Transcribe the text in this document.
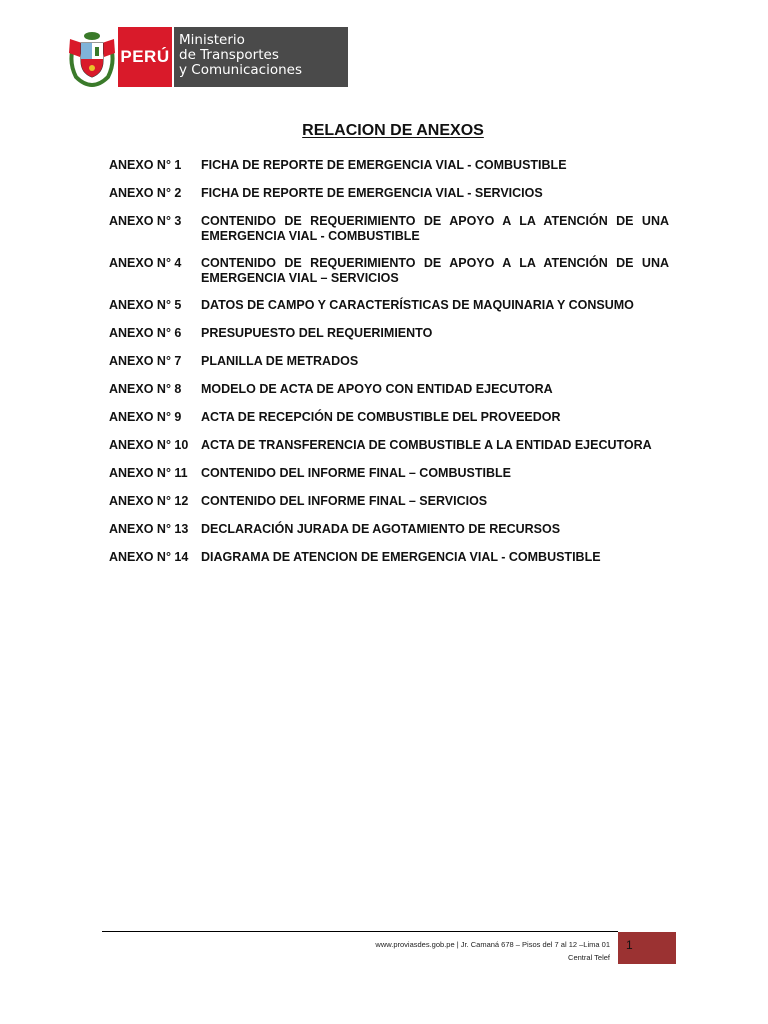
PERÚ
Ministerio
de Transportes
y Comunicaciones
RELACION DE ANEXOS
ANEXO N° 1	FICHA DE REPORTE DE EMERGENCIA VIAL - COMBUSTIBLE
ANEXO N° 2	FICHA DE REPORTE DE EMERGENCIA VIAL - SERVICIOS
ANEXO N° 3	CONTENIDO DE REQUERIMIENTO DE APOYO A LA ATENCIÓN DE UNA EMERGENCIA VIAL - COMBUSTIBLE
ANEXO N° 4	CONTENIDO DE REQUERIMIENTO DE APOYO A LA ATENCIÓN DE UNA EMERGENCIA VIAL – SERVICIOS
ANEXO N° 5	DATOS DE CAMPO Y CARACTERÍSTICAS DE MAQUINARIA Y CONSUMO
ANEXO N° 6	PRESUPUESTO DEL REQUERIMIENTO
ANEXO N° 7	PLANILLA DE METRADOS
ANEXO N° 8	MODELO DE ACTA DE APOYO CON ENTIDAD EJECUTORA
ANEXO N° 9	ACTA DE RECEPCIÓN DE COMBUSTIBLE DEL PROVEEDOR
ANEXO N° 10	ACTA DE TRANSFERENCIA DE COMBUSTIBLE A LA ENTIDAD EJECUTORA
ANEXO N° 11	CONTENIDO DEL INFORME FINAL – COMBUSTIBLE
ANEXO N° 12	CONTENIDO DEL INFORME FINAL – SERVICIOS
ANEXO N° 13	DECLARACIÓN JURADA DE AGOTAMIENTO DE RECURSOS
ANEXO N° 14	DIAGRAMA DE ATENCION DE EMERGENCIA VIAL - COMBUSTIBLE
www.proviasdes.gob.pe | Jr. Camaná 678 – Pisos del 7 al 12 –Lima 01
Central Telef
1
